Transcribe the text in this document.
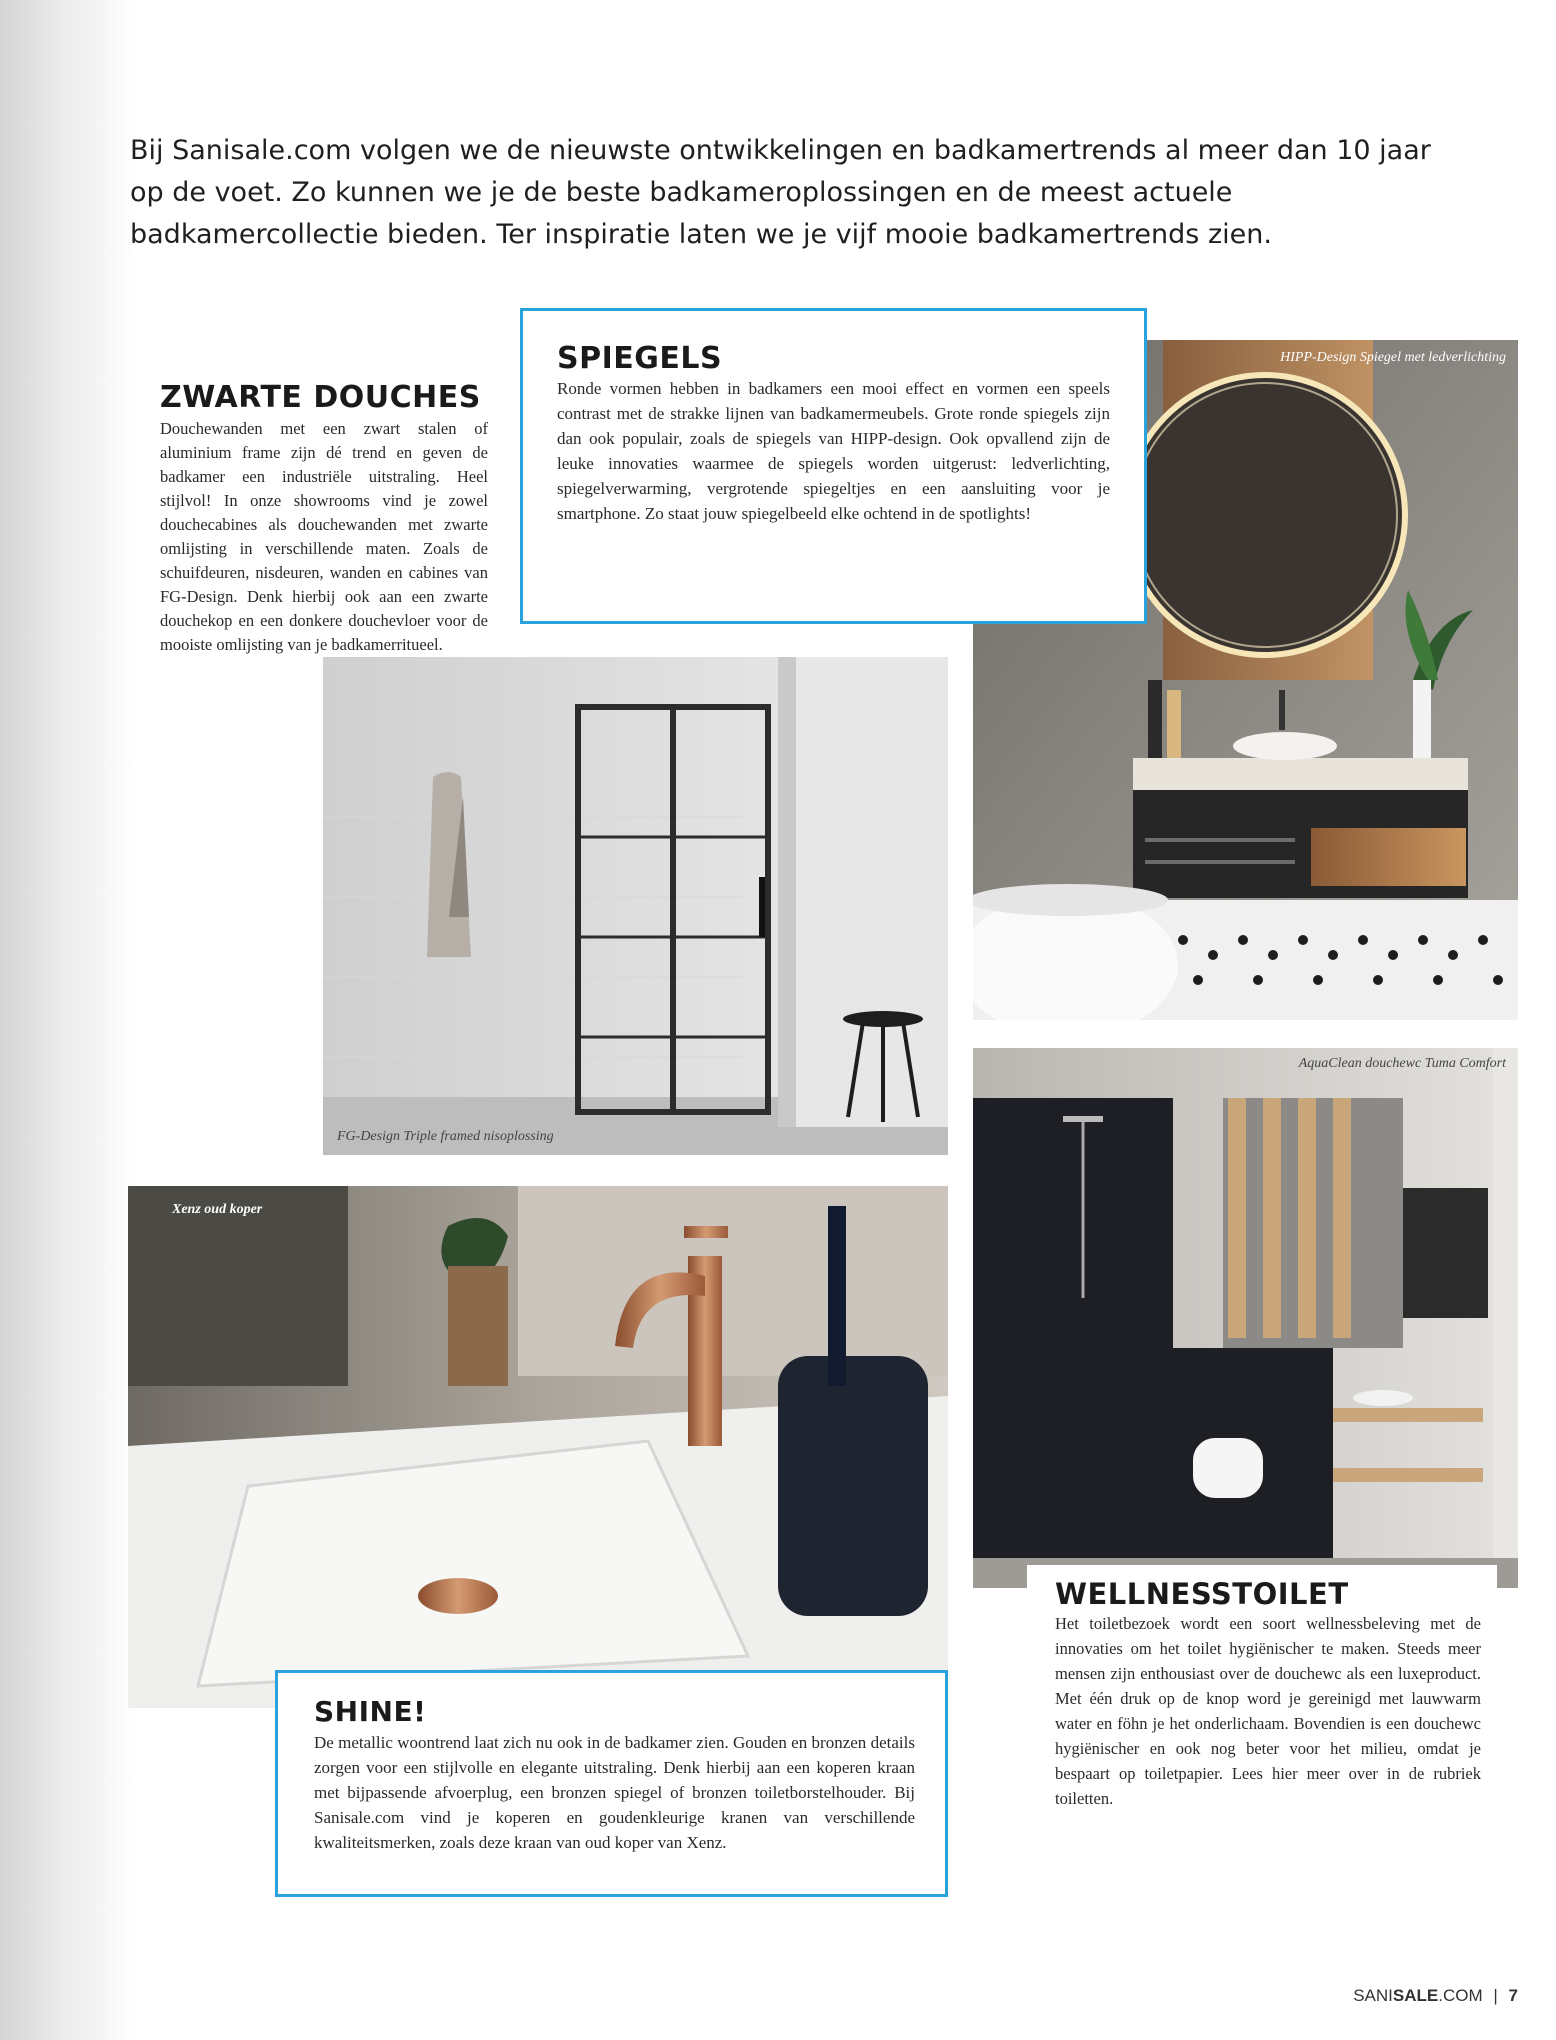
Bij Sanisale.com volgen we de nieuwste ontwikkelingen en badkamertrends al meer dan 10 jaar op de voet. Zo kunnen we je de beste badkameroplossingen en de meest actuele badkamercollectie bieden. Ter inspiratie laten we je vijf mooie badkamertrends zien.

ZWARTE DOUCHES

Douchewanden met een zwart stalen of aluminium frame zijn dé trend en geven de badkamer een industriële uitstraling. Heel stijlvol! In onze showrooms vind je zowel douchecabines als douchewanden met zwarte omlijsting in verschillende maten. Zoals de schuifdeuren, nisdeuren, wanden en cabines van FG-Design. Denk hierbij ook aan een zwarte douchekop en een donkere douchevloer voor de mooiste omlijsting van je badkamerritueel.

FG-Design Triple framed nisoplossing
HIPP-Design Spiegel met ledverlichting
SPIEGELS

Ronde vormen hebben in badkamers een mooi effect en vormen een speels contrast met de strakke lijnen van badkamermeubels. Grote ronde spiegels zijn dan ook populair, zoals de spiegels van HIPP-design. Ook opvallend zijn de leuke innovaties waarmee de spiegels worden uitgerust: ledverlichting, spiegelverwarming, vergrotende spiegeltjes en een aansluiting voor je smartphone. Zo staat jouw spiegelbeeld elke ochtend in de spotlights!

Xenz oud koper
SHINE!

De metallic woontrend laat zich nu ook in de badkamer zien. Gouden en bronzen details zorgen voor een stijlvolle en elegante uitstraling. Denk hierbij aan een koperen kraan met bijpassende afvoerplug, een bronzen spiegel of bronzen toiletborstelhouder. Bij Sanisale.com vind je koperen en goudenkleurige kranen van verschillende kwaliteitsmerken, zoals deze kraan van oud koper van Xenz.

AquaClean douchewc Tuma Comfort
WELLNESSTOILET

Het toiletbezoek wordt een soort wellnessbeleving met de innovaties om het toilet hygiënischer te maken. Steeds meer mensen zijn enthousiast over de douchewc als een luxeproduct. Met één druk op de knop word je gereinigd met lauwwarm water en föhn je het onderlichaam. Bovendien is een douchewc hygiënischer en ook nog beter voor het milieu, omdat je bespaart op toiletpapier. Lees hier meer over in de rubriek toiletten.

SANISALE.COM | 7
